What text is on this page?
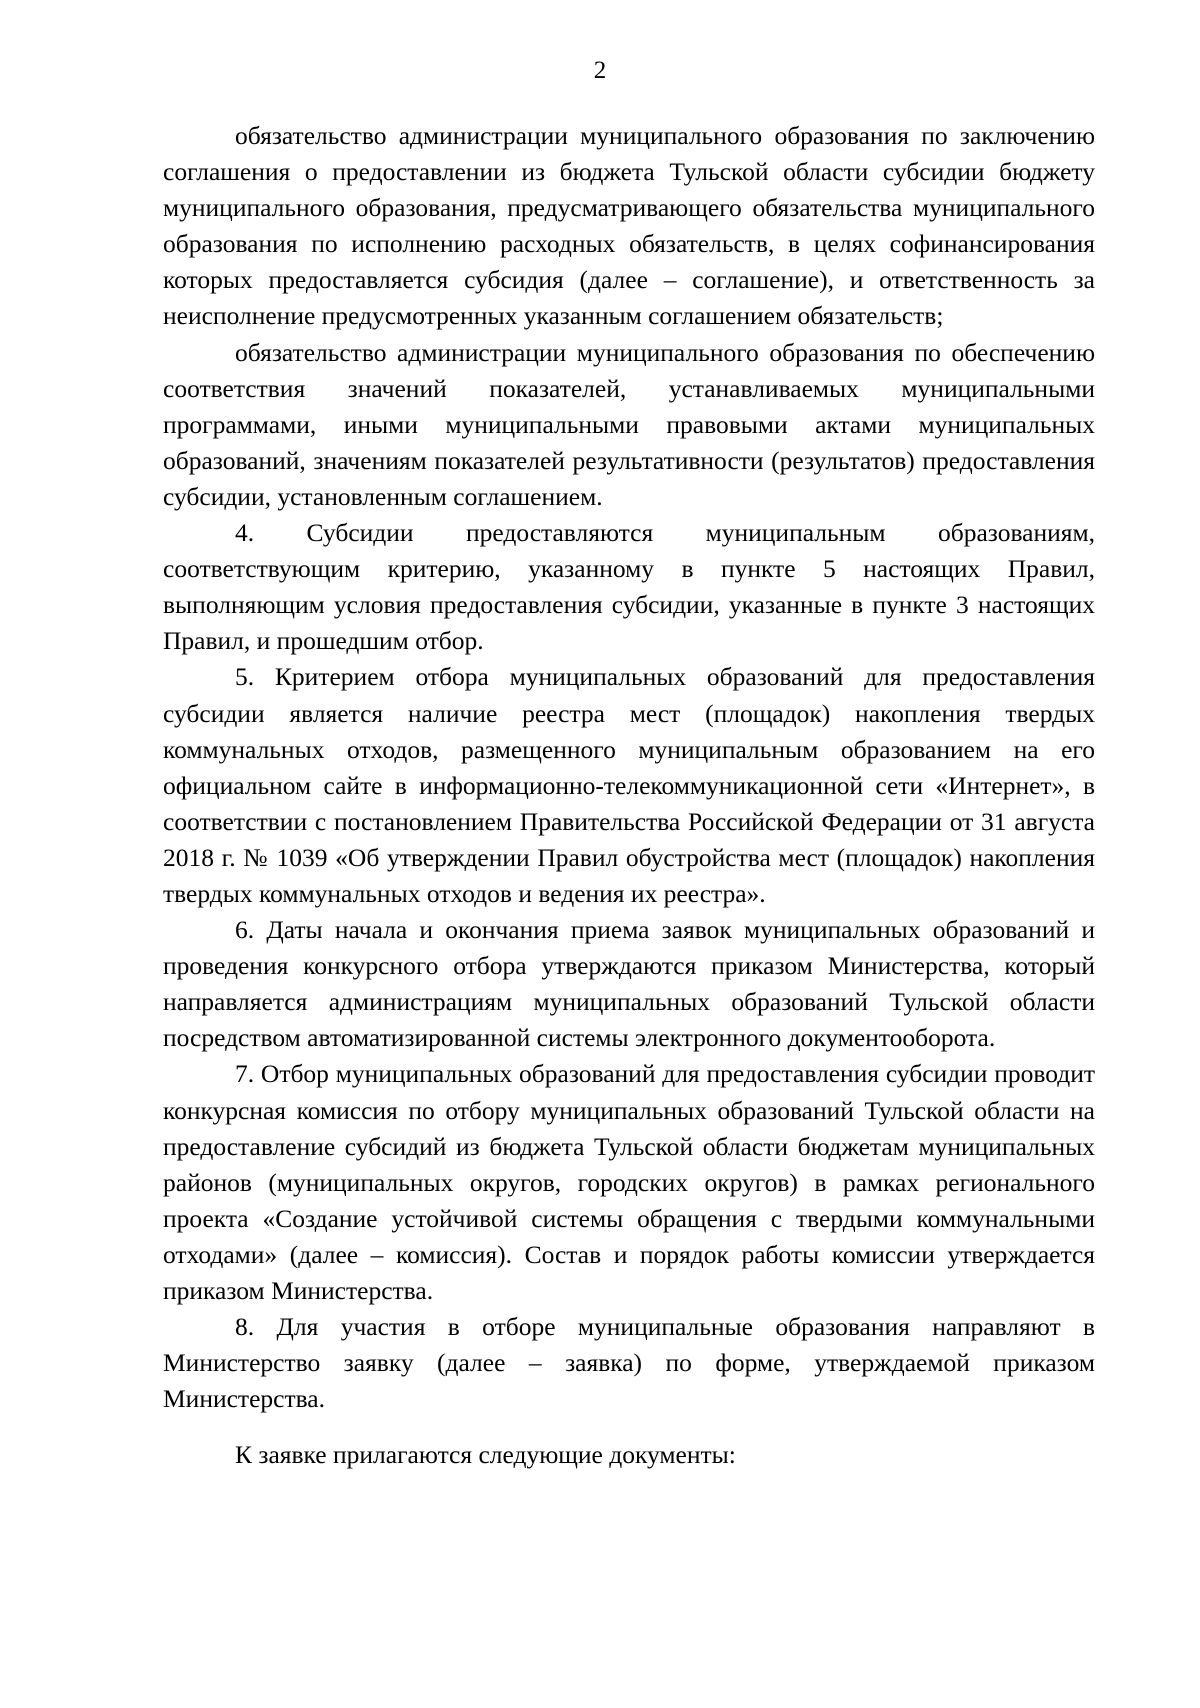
2

обязательство администрации муниципального образования по заключению соглашения о предоставлении из бюджета Тульской области субсидии бюджету муниципального образования, предусматривающего обязательства муниципального образования по исполнению расходных обязательств, в целях софинансирования которых предоставляется субсидия (далее – соглашение), и ответственность за неисполнение предусмотренных указанным соглашением обязательств;

обязательство администрации муниципального образования по обеспечению соответствия значений показателей, устанавливаемых муниципальными программами, иными муниципальными правовыми актами муниципальных образований, значениям показателей результативности (результатов) предоставления субсидии, установленным соглашением.

4. Субсидии предоставляются муниципальным образованиям, соответствующим критерию, указанному в пункте 5 настоящих Правил, выполняющим условия предоставления субсидии, указанные в пункте 3 настоящих Правил, и прошедшим отбор.

5. Критерием отбора муниципальных образований для предоставления субсидии является наличие реестра мест (площадок) накопления твердых коммунальных отходов, размещенного муниципальным образованием на его официальном сайте в информационно-телекоммуникационной сети «Интернет», в соответствии с постановлением Правительства Российской Федерации от 31 августа 2018 г. № 1039 «Об утверждении Правил обустройства мест (площадок) накопления твердых коммунальных отходов и ведения их реестра».

6. Даты начала и окончания приема заявок муниципальных образований и проведения конкурсного отбора утверждаются приказом Министерства, который направляется администрациям муниципальных образований Тульской области посредством автоматизированной системы электронного документооборота.

7. Отбор муниципальных образований для предоставления субсидии проводит конкурсная комиссия по отбору муниципальных образований Тульской области на предоставление субсидий из бюджета Тульской области бюджетам муниципальных районов (муниципальных округов, городских округов) в рамках регионального проекта «Создание устойчивой системы обращения с твердыми коммунальными отходами» (далее – комиссия). Состав и порядок работы комиссии утверждается приказом Министерства.

8. Для участия в отборе муниципальные образования направляют в Министерство заявку (далее – заявка) по форме, утверждаемой приказом Министерства.

К заявке прилагаются следующие документы:
